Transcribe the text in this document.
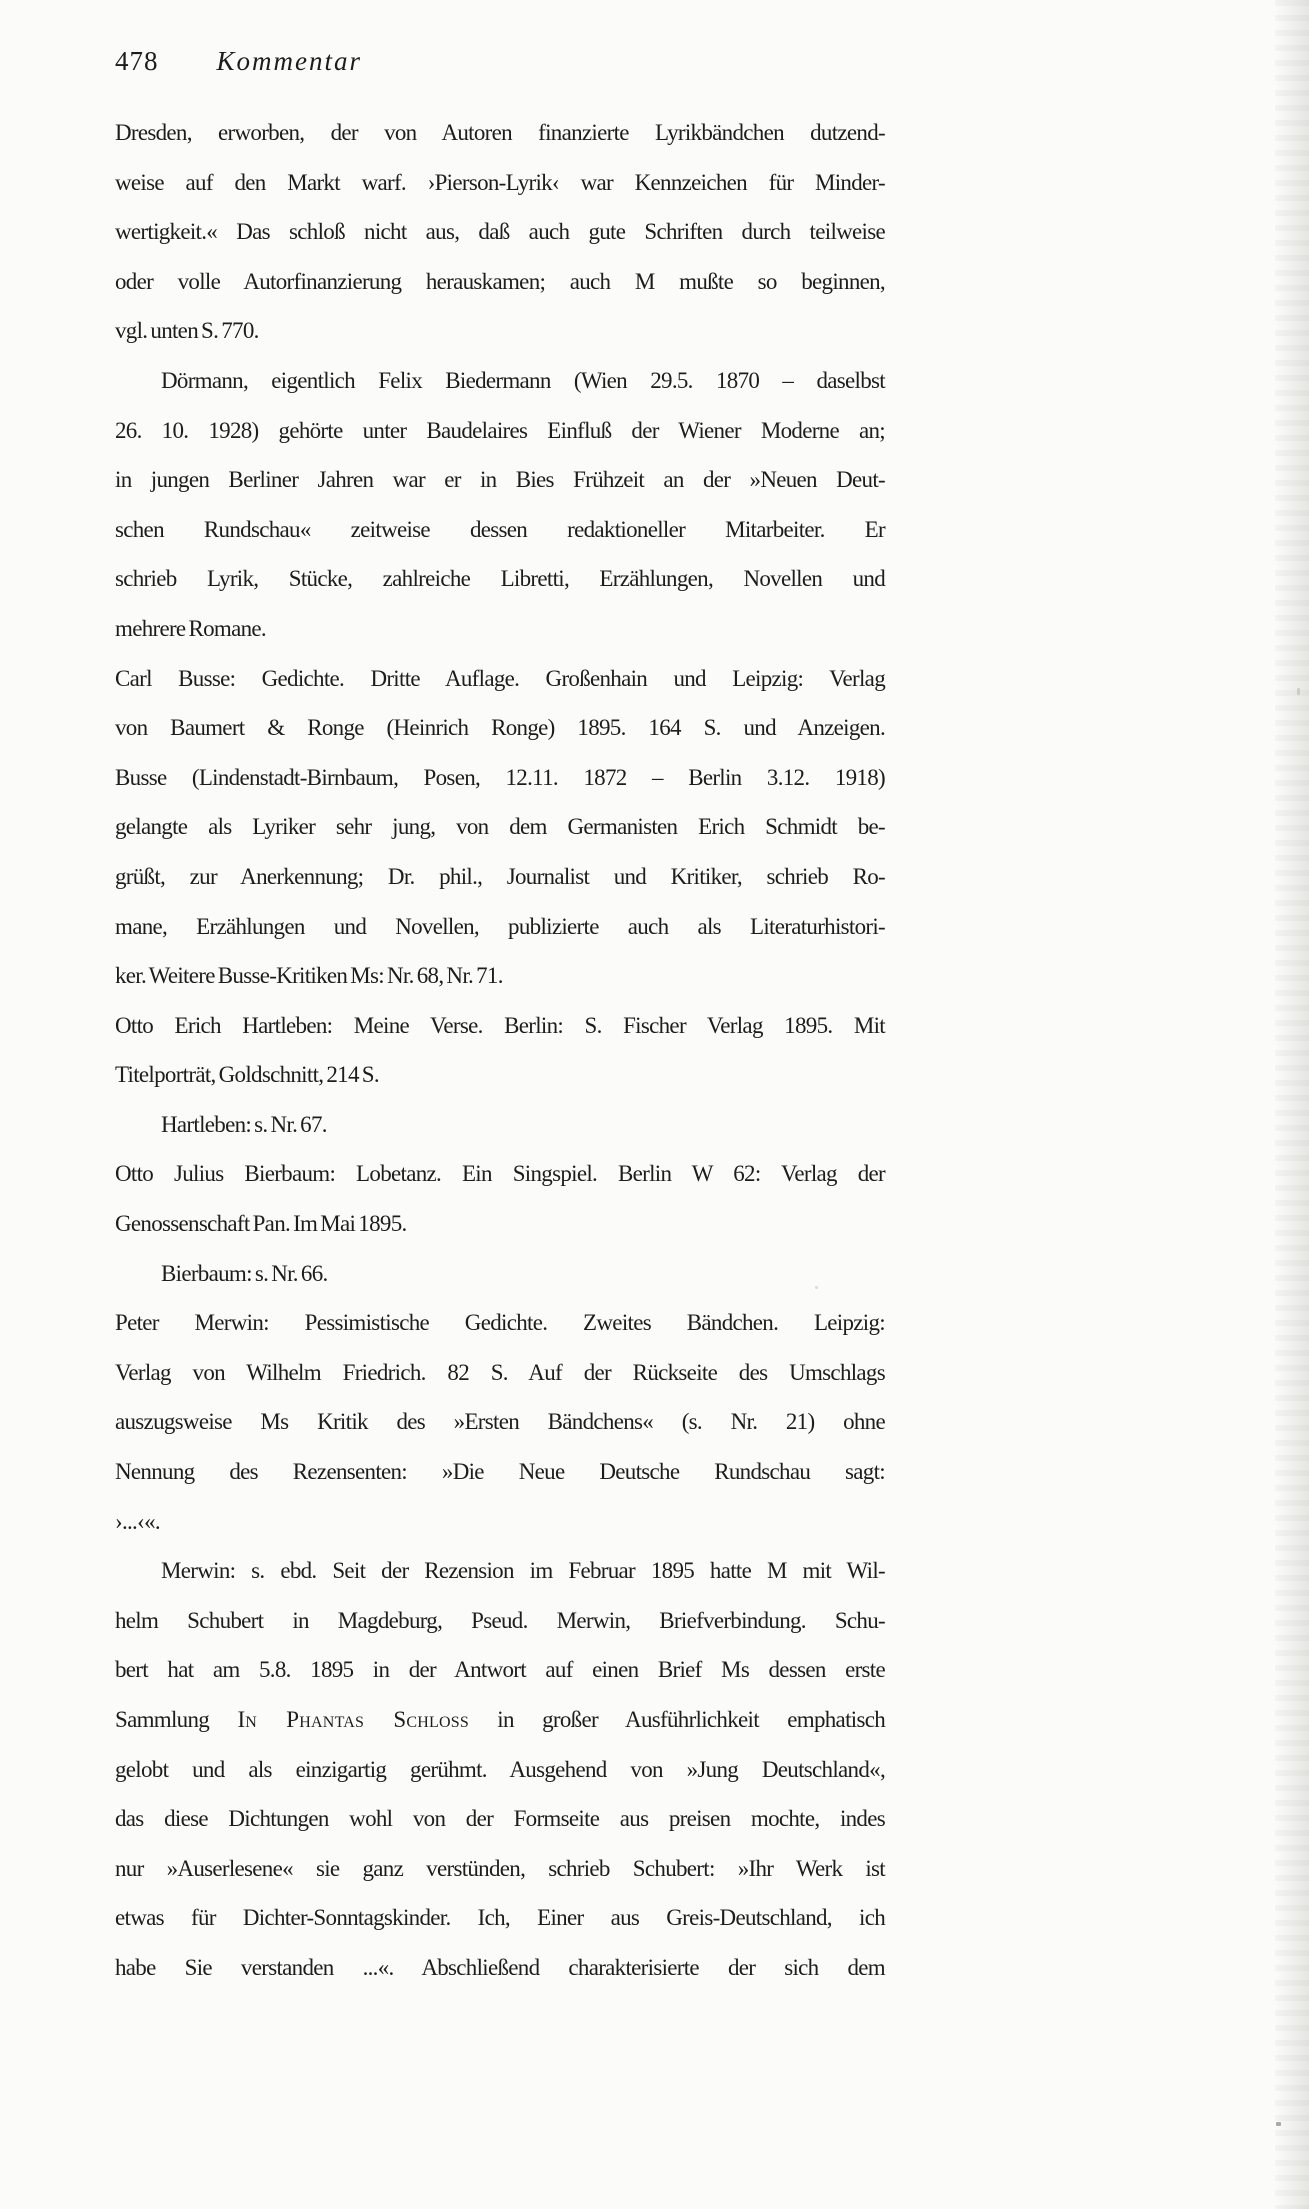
478 Kommentar
Dresden, erworben, der von Autoren finanzierte Lyrikbändchen dutzend-
weise auf den Markt warf. ›Pierson-Lyrik‹ war Kennzeichen für Minder-
wertigkeit.« Das schloß nicht aus, daß auch gute Schriften durch teilweise
oder volle Autorfinanzierung herauskamen; auch M mußte so beginnen,
vgl. unten S. 770.
Dörmann, eigentlich Felix Biedermann (Wien 29.5. 1870 – daselbst
26. 10. 1928) gehörte unter Baudelaires Einfluß der Wiener Moderne an;
in jungen Berliner Jahren war er in Bies Frühzeit an der »Neuen Deut-
schen Rundschau« zeitweise dessen redaktioneller Mitarbeiter. Er
schrieb Lyrik, Stücke, zahlreiche Libretti, Erzählungen, Novellen und
mehrere Romane.
Carl Busse: Gedichte. Dritte Auflage. Großenhain und Leipzig: Verlag
von Baumert & Ronge (Heinrich Ronge) 1895. 164 S. und Anzeigen.
Busse (Lindenstadt-Birnbaum, Posen, 12.11. 1872 – Berlin 3.12. 1918)
gelangte als Lyriker sehr jung, von dem Germanisten Erich Schmidt be-
grüßt, zur Anerkennung; Dr. phil., Journalist und Kritiker, schrieb Ro-
mane, Erzählungen und Novellen, publizierte auch als Literaturhistori-
ker. Weitere Busse-Kritiken Ms: Nr. 68, Nr. 71.
Otto Erich Hartleben: Meine Verse. Berlin: S. Fischer Verlag 1895. Mit
Titelporträt, Goldschnitt, 214 S.
Hartleben: s. Nr. 67.
Otto Julius Bierbaum: Lobetanz. Ein Singspiel. Berlin W 62: Verlag der
Genossenschaft Pan. Im Mai 1895.
Bierbaum: s. Nr. 66.
Peter Merwin: Pessimistische Gedichte. Zweites Bändchen. Leipzig:
Verlag von Wilhelm Friedrich. 82 S. Auf der Rückseite des Umschlags
auszugsweise Ms Kritik des »Ersten Bändchens« (s. Nr. 21) ohne
Nennung des Rezensenten: »Die Neue Deutsche Rundschau sagt:
›...‹«.
Merwin: s. ebd. Seit der Rezension im Februar 1895 hatte M mit Wil-
helm Schubert in Magdeburg, Pseud. Merwin, Briefverbindung. Schu-
bert hat am 5.8. 1895 in der Antwort auf einen Brief Ms dessen erste
Sammlung In Phantas Schloss in großer Ausführlichkeit emphatisch
gelobt und als einzigartig gerühmt. Ausgehend von »Jung Deutschland«,
das diese Dichtungen wohl von der Formseite aus preisen mochte, indes
nur »Auserlesene« sie ganz verstünden, schrieb Schubert: »Ihr Werk ist
etwas für Dichter-Sonntagskinder. Ich, Einer aus Greis-Deutschland, ich
habe Sie verstanden ...«. Abschließend charakterisierte der sich dem
